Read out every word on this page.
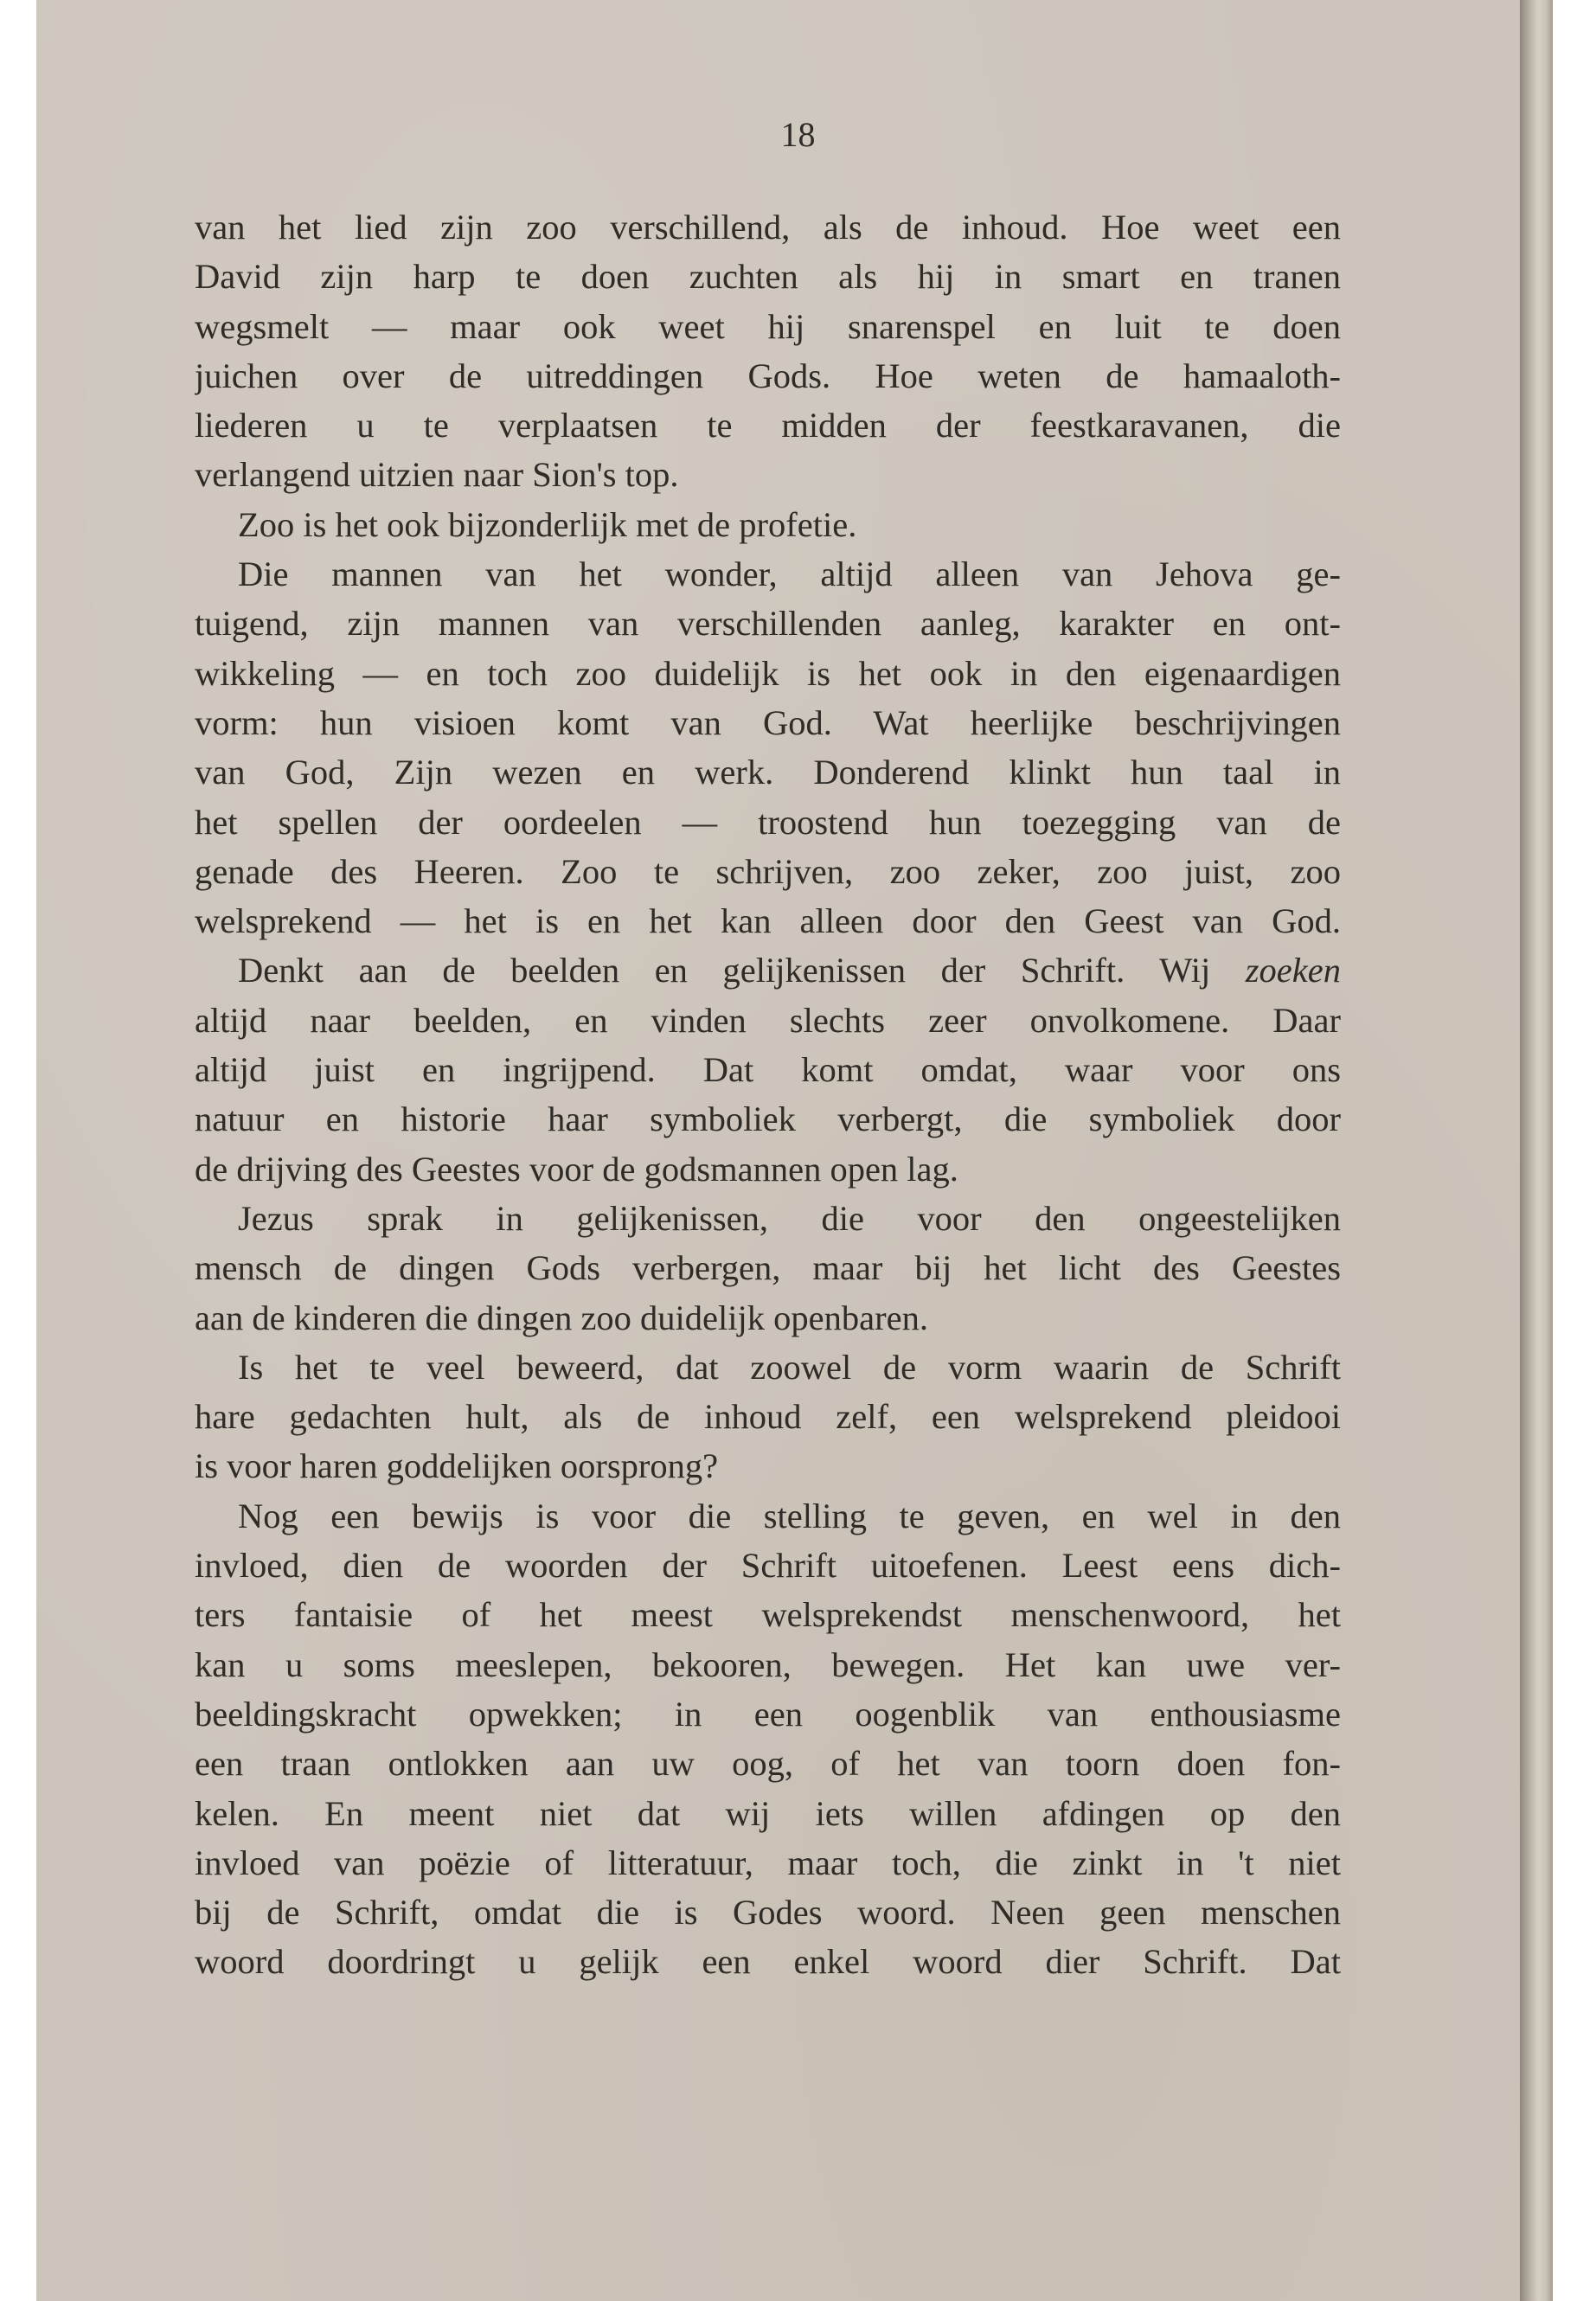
18
van het lied zijn zoo verschillend, als de inhoud. Hoe weet een
David zijn harp te doen zuchten als hij in smart en tranen
wegsmelt — maar ook weet hij snarenspel en luit te doen
juichen over de uitreddingen Gods. Hoe weten de hamaaloth-
liederen u te verplaatsen te midden der feestkaravanen, die
verlangend uitzien naar Sion's top.
Zoo is het ook bijzonderlijk met de profetie.
Die mannen van het wonder, altijd alleen van Jehova ge-
tuigend, zijn mannen van verschillenden aanleg, karakter en ont-
wikkeling — en toch zoo duidelijk is het ook in den eigenaardigen
vorm: hun visioen komt van God. Wat heerlijke beschrijvingen
van God, Zijn wezen en werk. Donderend klinkt hun taal in
het spellen der oordeelen — troostend hun toezegging van de
genade des Heeren. Zoo te schrijven, zoo zeker, zoo juist, zoo
welsprekend — het is en het kan alleen door den Geest van God.
Denkt aan de beelden en gelijkenissen der Schrift. Wij zoeken
altijd naar beelden, en vinden slechts zeer onvolkomene. Daar
altijd juist en ingrijpend. Dat komt omdat, waar voor ons
natuur en historie haar symboliek verbergt, die symboliek door
de drijving des Geestes voor de godsmannen open lag.
Jezus sprak in gelijkenissen, die voor den ongeestelijken
mensch de dingen Gods verbergen, maar bij het licht des Geestes
aan de kinderen die dingen zoo duidelijk openbaren.
Is het te veel beweerd, dat zoowel de vorm waarin de Schrift
hare gedachten hult, als de inhoud zelf, een welsprekend pleidooi
is voor haren goddelijken oorsprong?
Nog een bewijs is voor die stelling te geven, en wel in den
invloed, dien de woorden der Schrift uitoefenen. Leest eens dich-
ters fantaisie of het meest welsprekendst menschenwoord, het
kan u soms meeslepen, bekooren, bewegen. Het kan uwe ver-
beeldingskracht opwekken; in een oogenblik van enthousiasme
een traan ontlokken aan uw oog, of het van toorn doen fon-
kelen. En meent niet dat wij iets willen afdingen op den
invloed van poëzie of litteratuur, maar toch, die zinkt in 't niet
bij de Schrift, omdat die is Godes woord. Neen geen menschen
woord doordringt u gelijk een enkel woord dier Schrift. Dat
